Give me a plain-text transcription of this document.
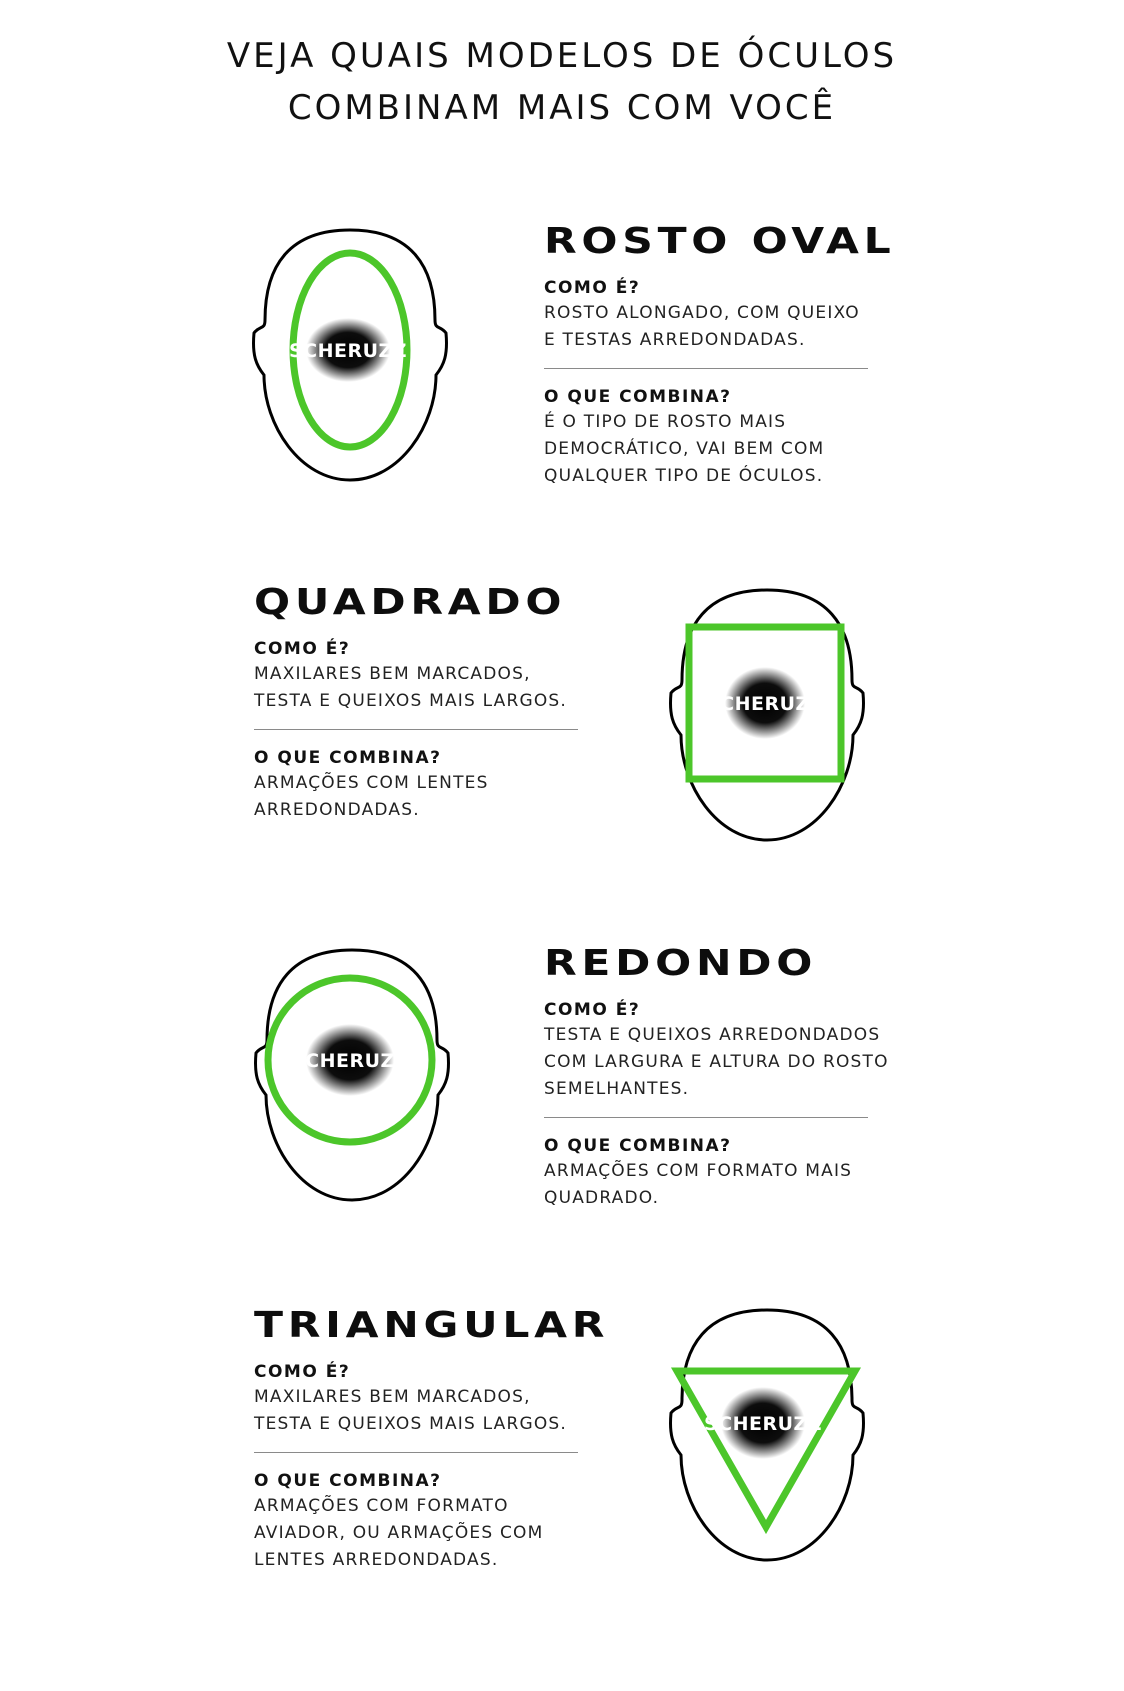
VEJA QUAIS MODELOS DE ÓCULOS
COMBINAM MAIS COM VOCÊ
SCHERUZZ
ROSTO OVAL
COMO É?
ROSTO ALONGADO, COM QUEIXO
E TESTAS ARREDONDADAS.
O QUE COMBINA?
É O TIPO DE ROSTO MAIS
DEMOCRÁTICO, VAI BEM COM
QUALQUER TIPO DE ÓCULOS.
QUADRADO
COMO É?
MAXILARES BEM MARCADOS,
TESTA E QUEIXOS MAIS LARGOS.
O QUE COMBINA?
ARMAÇÕES COM LENTES
ARREDONDADAS.
SCHERUZZ
SCHERUZZ
REDONDO
COMO É?
TESTA E QUEIXOS ARREDONDADOS
COM LARGURA E ALTURA DO ROSTO
SEMELHANTES.
O QUE COMBINA?
ARMAÇÕES COM FORMATO MAIS
QUADRADO.
TRIANGULAR
COMO É?
MAXILARES BEM MARCADOS,
TESTA E QUEIXOS MAIS LARGOS.
O QUE COMBINA?
ARMAÇÕES COM FORMATO
AVIADOR, OU ARMAÇÕES COM
LENTES ARREDONDADAS.
SCHERUZZ
